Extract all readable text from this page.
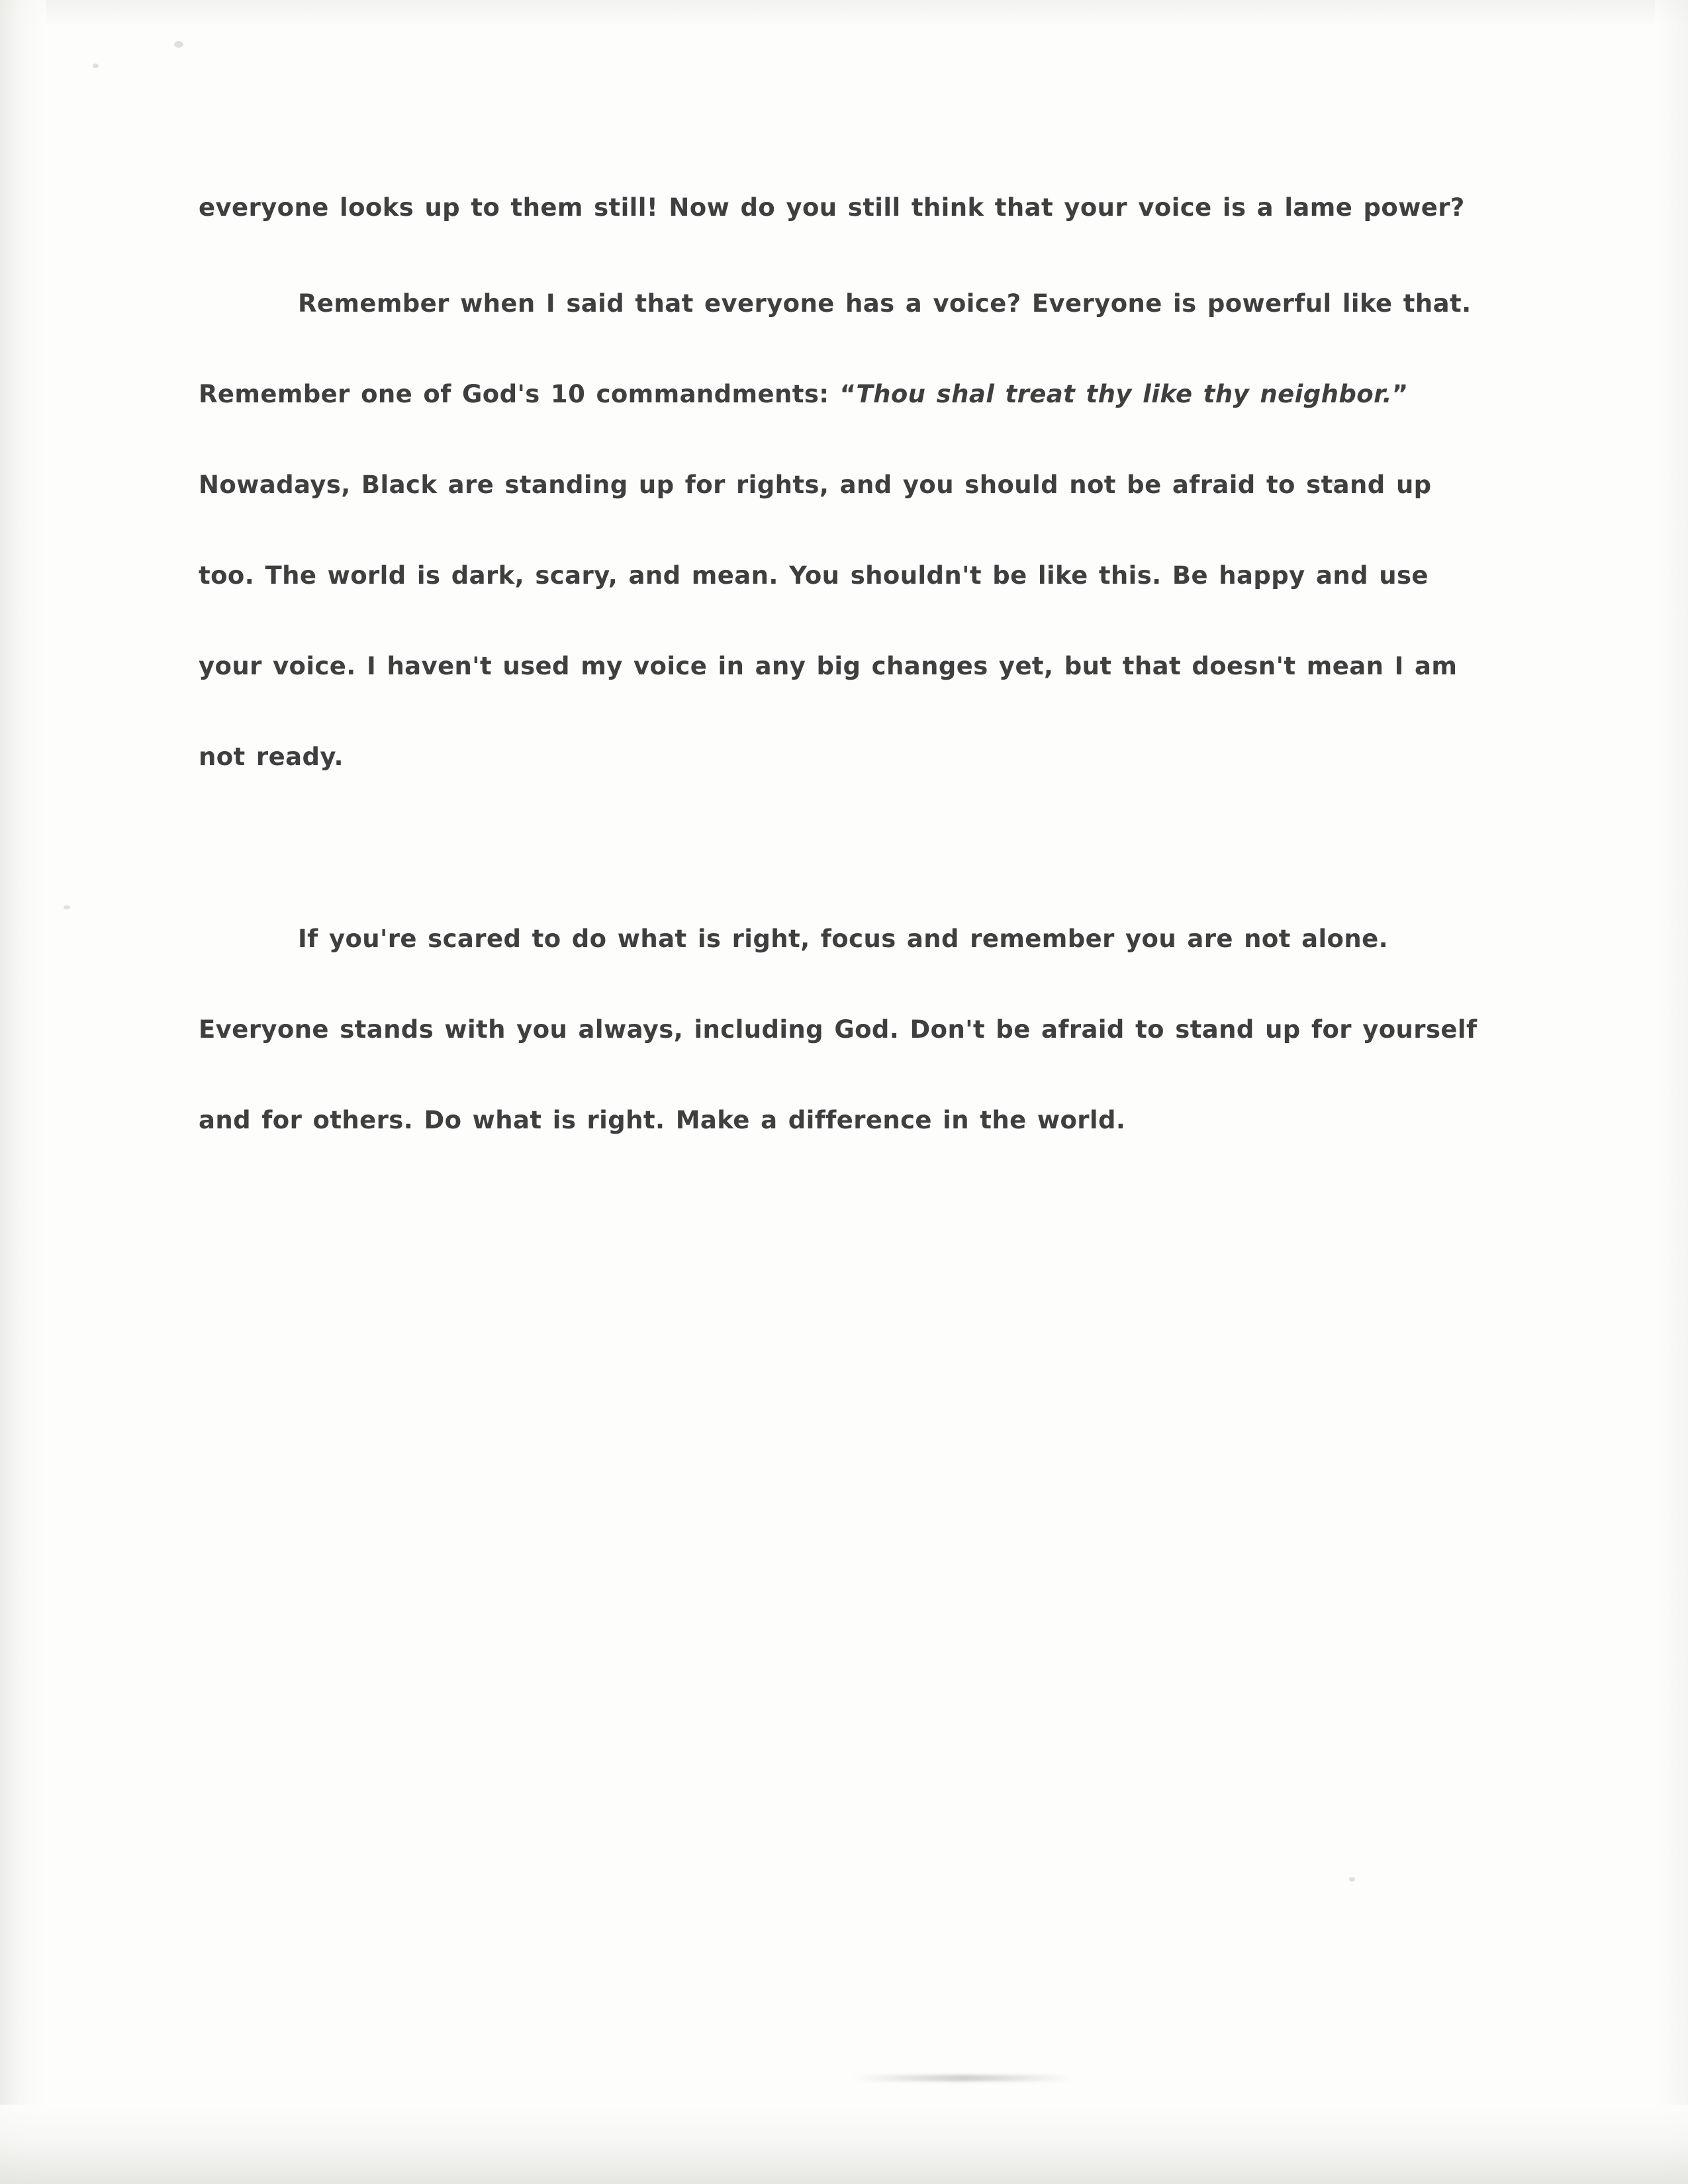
everyone looks up to them still! Now do you still think that your voice is a lame power?

Remember when I said that everyone has a voice? Everyone is powerful like that. Remember one of God's 10 commandments: “Thou shal treat thy like thy neighbor.” Nowadays, Black are standing up for rights, and you should not be afraid to stand up too. The world is dark, scary, and mean. You shouldn't be like this. Be happy and use your voice. I haven't used my voice in any big changes yet, but that doesn't mean I am not ready.

If you're scared to do what is right, focus and remember you are not alone. Everyone stands with you always, including God. Don't be afraid to stand up for yourself and for others. Do what is right. Make a difference in the world.
